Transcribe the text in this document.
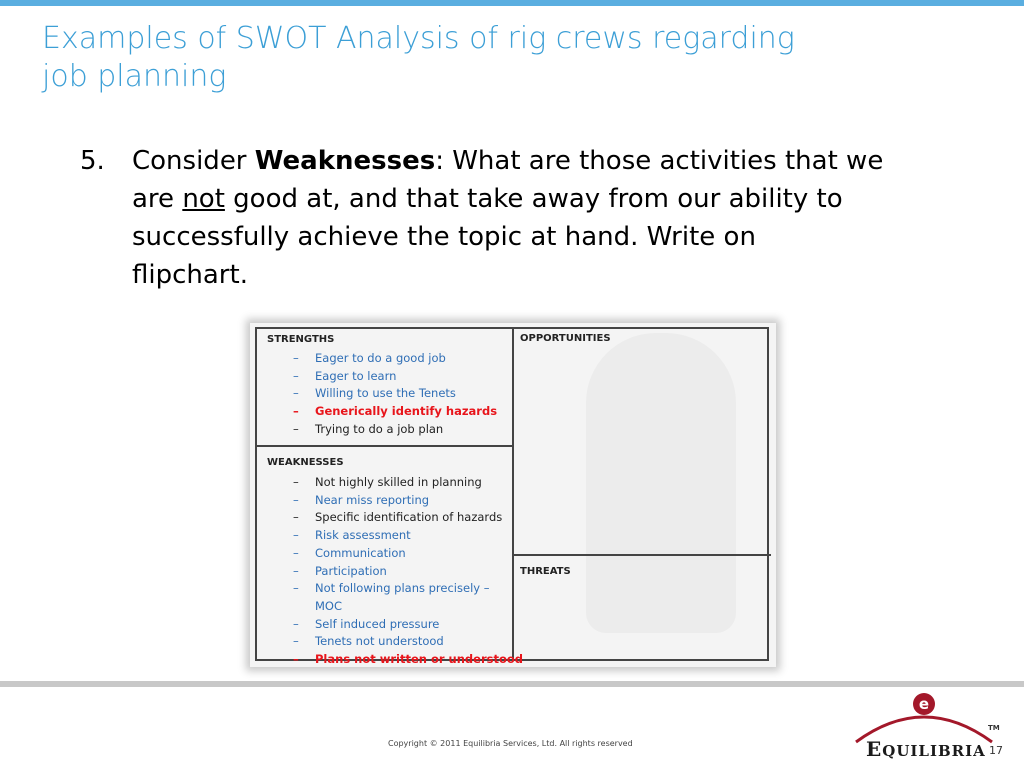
Examples of SWOT Analysis of rig crews regarding
job planning
5. Consider Weaknesses: What are those activities that we
are not good at, and that take away from our ability to
successfully achieve the topic at hand. Write on
flipchart.
STRENGTHS
– Eager to do a good job
– Eager to learn
– Willing to use the Tenets
– Generically identify hazards
– Trying to do a job plan
WEAKNESSES
– Not highly skilled in planning
– Near miss reporting
– Specific identification of hazards
– Risk assessment
– Communication
– Participation
– Not following plans precisely –
MOC
– Self induced pressure
– Tenets not understood
– Plans not written or understood
OPPORTUNITIES
THREATS
Copyright © 2011 Equilibria Services, Ltd. All rights reserved
e
EQUILIBRIA
TM
17
